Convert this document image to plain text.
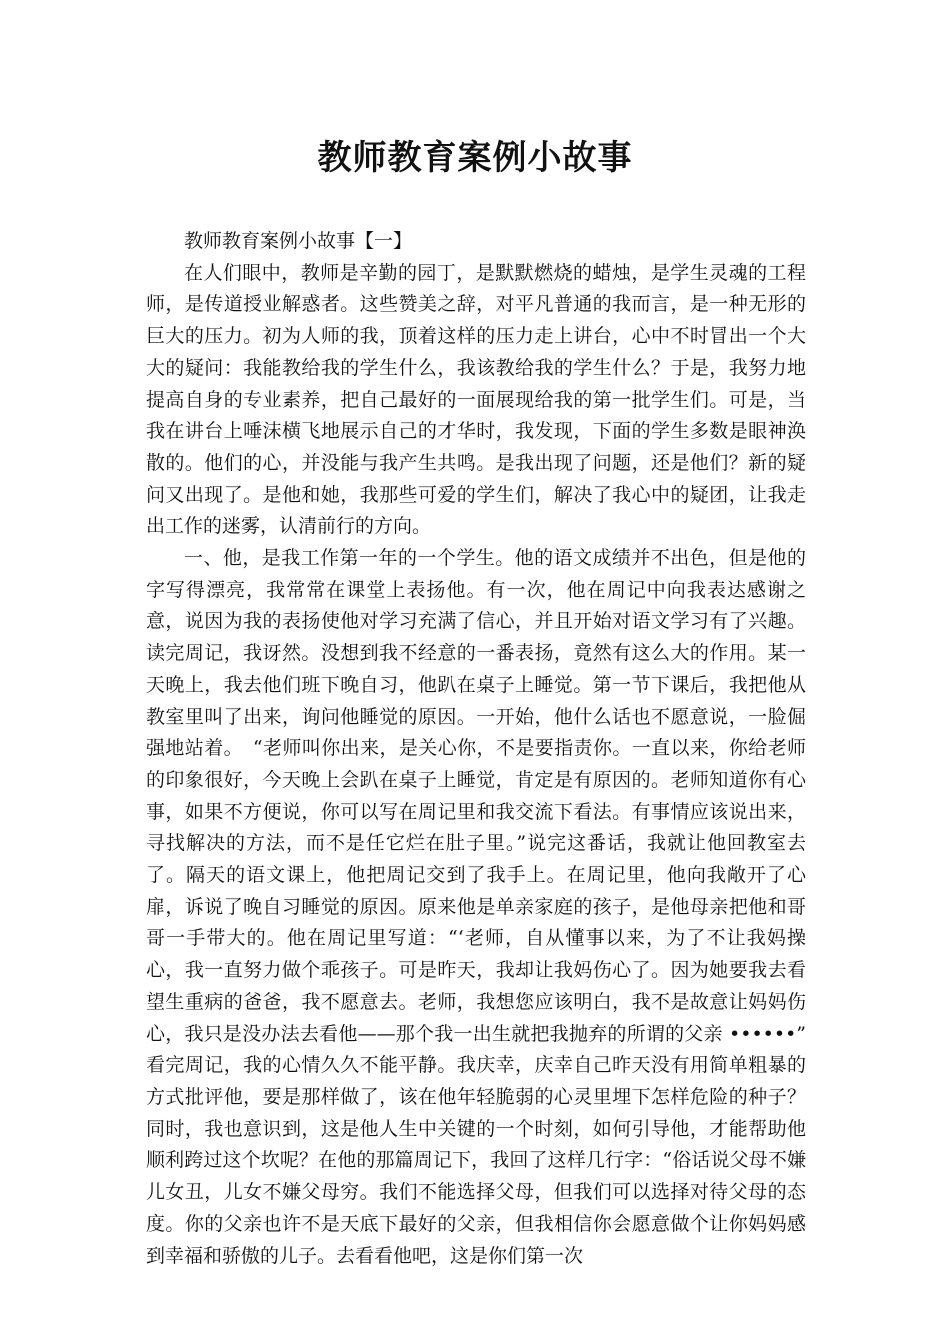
教师教育案例小故事

教师教育案例小故事【一】

在人们眼中，教师是辛勤的园丁，是默默燃烧的蜡烛，是学生灵魂的工程师，是传道授业解惑者。这些赞美之辞，对平凡普通的我而言，是一种无形的巨大的压力。初为人师的我，顶着这样的压力走上讲台，心中不时冒出一个大大的疑问：我能教给我的学生什么，我该教给我的学生什么？于是，我努力地提高自身的专业素养，把自己最好的一面展现给我的第一批学生们。可是，当我在讲台上唾沫横飞地展示自己的才华时，我发现，下面的学生多数是眼神涣散的。他们的心，并没能与我产生共鸣。是我出现了问题，还是他们？新的疑问又出现了。是他和她，我那些可爱的学生们，解决了我心中的疑团，让我走出工作的迷雾，认清前行的方向。

一、他，是我工作第一年的一个学生。他的语文成绩并不出色，但是他的字写得漂亮，我常常在课堂上表扬他。有一次，他在周记中向我表达感谢之意，说因为我的表扬使他对学习充满了信心，并且开始对语文学习有了兴趣。读完周记，我讶然。没想到我不经意的一番表扬，竟然有这么大的作用。某一天晚上，我去他们班下晚自习，他趴在桌子上睡觉。第一节下课后，我把他从教室里叫了出来，询问他睡觉的原因。一开始，他什么话也不愿意说，一脸倔强地站着。　“老师叫你出来，是关心你，不是要指责你。一直以来，你给老师的印象很好，今天晚上会趴在桌子上睡觉，肯定是有原因的。老师知道你有心事，如果不方便说，你可以写在周记里和我交流下看法。有事情应该说出来，寻找解决的方法，而不是任它烂在肚子里。”说完这番话，我就让他回教室去了。隔天的语文课上，他把周记交到了我手上。在周记里，他向我敞开了心扉，诉说了晚自习睡觉的原因。原来他是单亲家庭的孩子，是他母亲把他和哥哥一手带大的。他在周记里写道：“‘老师，自从懂事以来，为了不让我妈操心，我一直努力做个乖孩子。可是昨天，我却让我妈伤心了。因为她要我去看望生重病的爸爸，我不愿意去。老师，我想您应该明白，我不是故意让妈妈伤心，我只是没办法去看他——那个我一出生就把我抛弃的所谓的父亲 ••••••”　看完周记，我的心情久久不能平静。我庆幸，庆幸自己昨天没有用简单粗暴的方式批评他，要是那样做了，该在他年轻脆弱的心灵里埋下怎样危险的种子？同时，我也意识到，这是他人生中关键的一个时刻，如何引导他，才能帮助他顺利跨过这个坎呢？在他的那篇周记下，我回了这样几行字：“俗话说父母不嫌儿女丑，儿女不嫌父母穷。我们不能选择父母，但我们可以选择对待父母的态度。你的父亲也许不是天底下最好的父亲，但我相信你会愿意做个让你妈妈感到幸福和骄傲的儿子。去看看他吧，这是你们第一次
